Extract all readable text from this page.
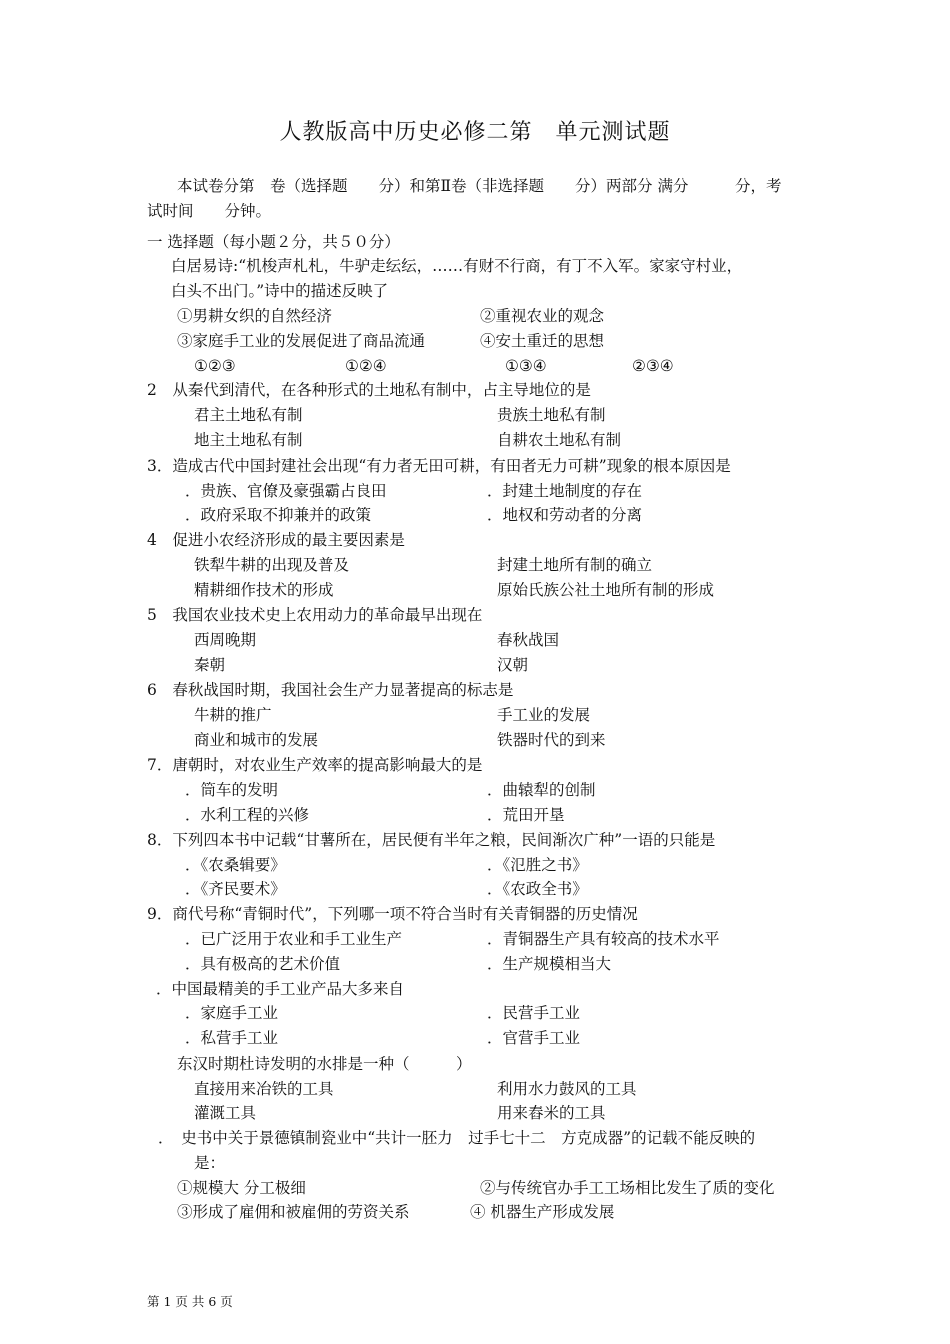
人教版高中历史必修二第　单元测试题
本试卷分第　卷（选择题　　分）和第Ⅱ卷（非选择题　　分）两部分 满分　　　分，考
试时间　　分钟。
一 选择题（每小题２分，共５０分）
白居易诗:“机梭声札札，牛驴走纭纭，……有财不行商，有丁不入军。家家守村业，
白头不出门。”诗中的描述反映了
①男耕女织的自然经济	②重视农业的观念
③家庭手工业的发展促进了商品流通	④安土重迁的思想
①②③	①②④	①③④	②③④
2　从秦代到清代，在各种形式的土地私有制中，占主导地位的是
君主土地私有制	贵族土地私有制
地主土地私有制	自耕农土地私有制
3．造成古代中国封建社会出现“有力者无田可耕，有田者无力可耕”现象的根本原因是
．贵族、官僚及豪强霸占良田	．封建土地制度的存在
．政府采取不抑兼并的政策	．地权和劳动者的分离
4　促进小农经济形成的最主要因素是
铁犁牛耕的出现及普及	封建土地所有制的确立
精耕细作技术的形成	原始氏族公社土地所有制的形成
5　我国农业技术史上农用动力的革命最早出现在
西周晚期	春秋战国
秦朝	汉朝
6　春秋战国时期，我国社会生产力显著提高的标志是
牛耕的推广	手工业的发展
商业和城市的发展	铁器时代的到来
7．唐朝时，对农业生产效率的提高影响最大的是
．筒车的发明	．曲辕犁的创制
．水利工程的兴修	．荒田开垦
8．下列四本书中记载“甘薯所在，居民便有半年之粮，民间渐次广种”一语的只能是
．《农桑辑要》	．《氾胜之书》
．《齐民要术》	．《农政全书》
9．商代号称“青铜时代”，下列哪一项不符合当时有关青铜器的历史情况
．已广泛用于农业和手工业生产	．青铜器生产具有较高的技术水平
．具有极高的艺术价值	．生产规模相当大
．中国最精美的手工业产品大多来自
．家庭手工业	．民营手工业
．私营手工业	．官营手工业
东汉时期杜诗发明的水排是一种（　　　）
直接用来冶铁的工具	利用水力鼓风的工具
灌溉工具	用来舂米的工具
．　史书中关于景德镇制瓷业中“共计一胚力　过手七十二　方克成器”的记载不能反映的
是：
①规模大 分工极细	②与传统官办手工工场相比发生了质的变化
③形成了雇佣和被雇佣的劳资关系	④ 机器生产形成发展
第 1 页 共 6 页
